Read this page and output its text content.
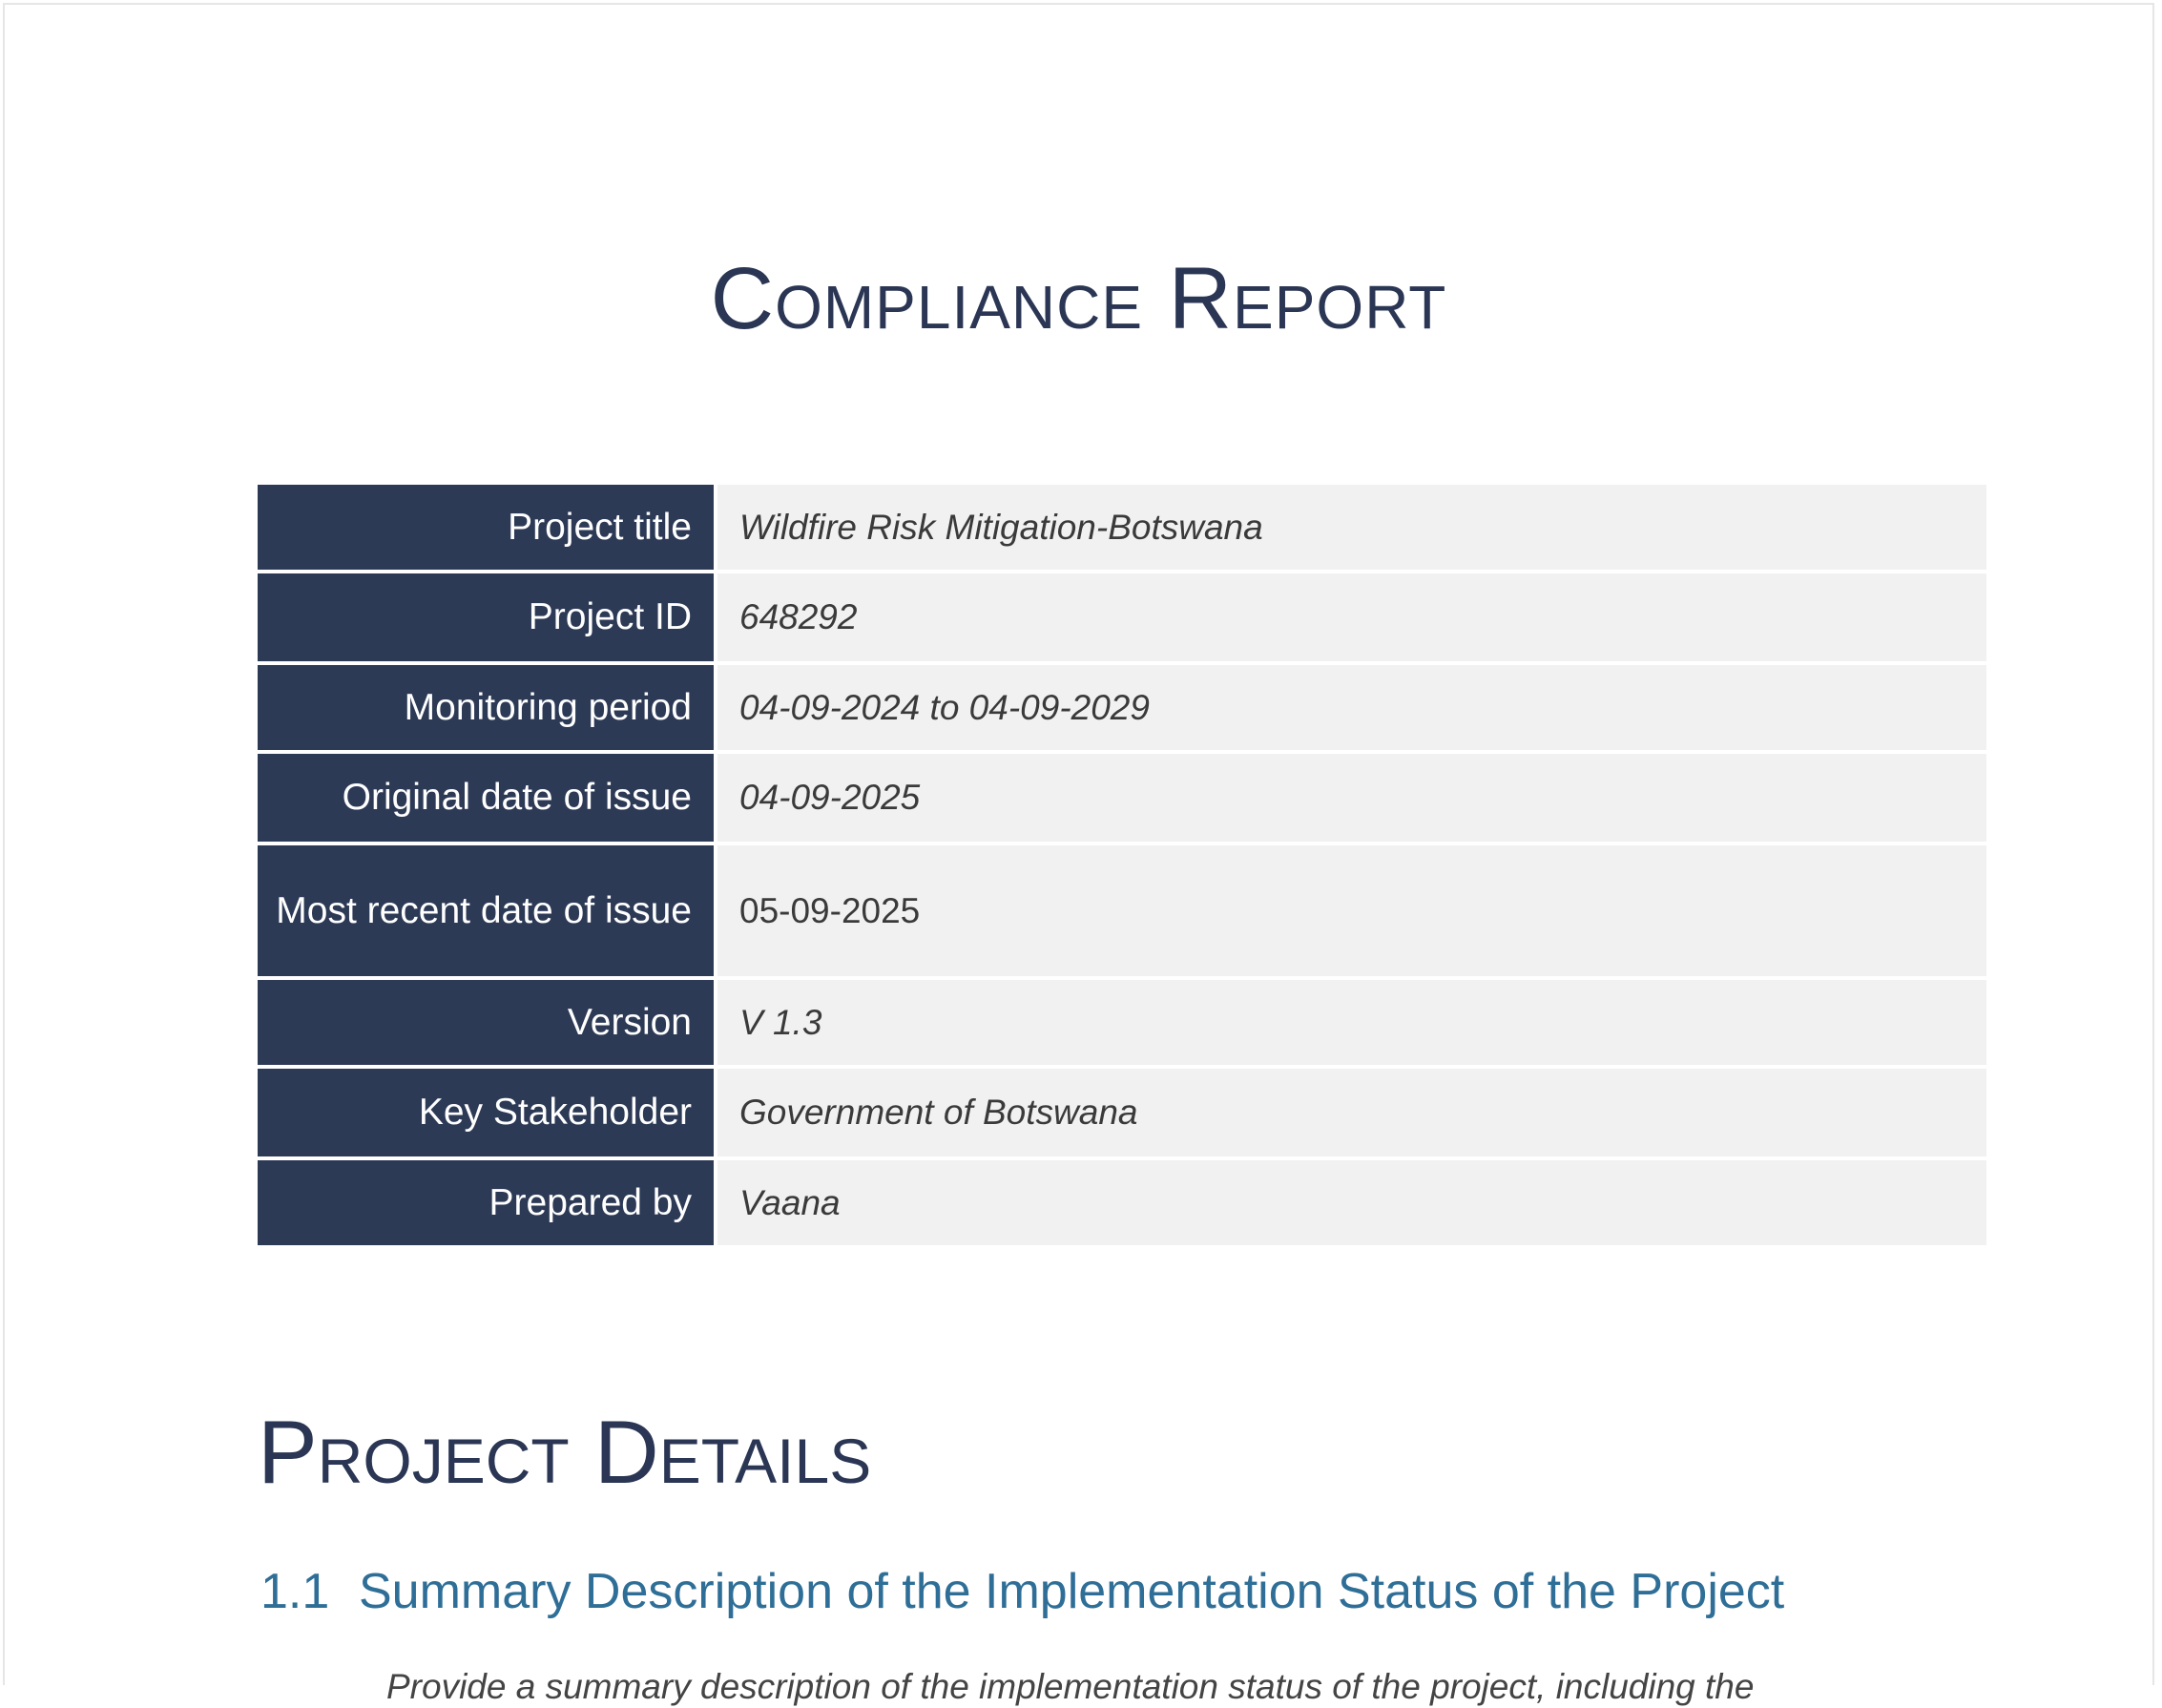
Compliance Report
Project title		Wildfire Risk Mitigation-Botswana
Project ID		648292
Monitoring period		04-09-2024 to 04-09-2029
Original date of issue		04-09-2025
Most recent date of issue		05-09-2025
Version		V 1.3
Key Stakeholder		Government of Botswana
Prepared by		Vaana
Project Details
1.1 Summary Description of the Implementation Status of the Project

Provide a summary description of the implementation status of the project, including the
